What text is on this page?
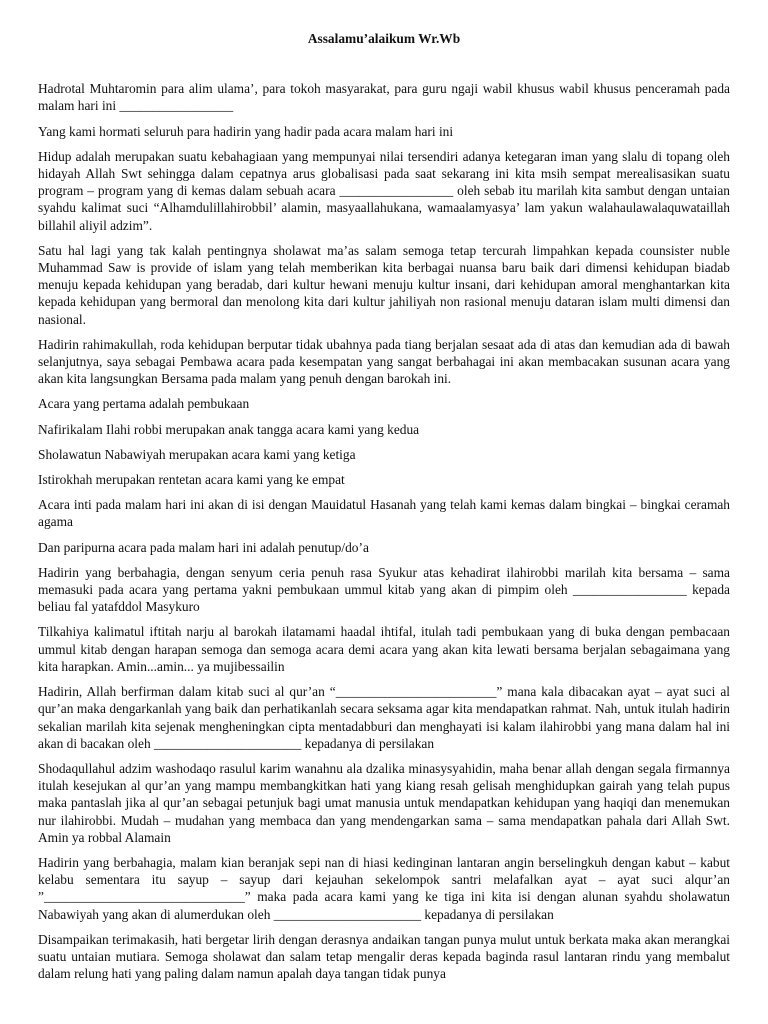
Assalamu’alaikum Wr.Wb

Hadrotal Muhtaromin para alim ulama’, para tokoh masyarakat, para guru ngaji wabil khusus wabil khusus penceramah pada malam hari ini _________________

Yang kami hormati seluruh para hadirin yang hadir pada acara malam hari ini

Hidup adalah merupakan suatu kebahagiaan yang mempunyai nilai tersendiri adanya ketegaran iman yang slalu di topang oleh hidayah Allah Swt sehingga dalam cepatnya arus globalisasi pada saat sekarang ini kita msih sempat merealisasikan suatu program – program yang di kemas dalam sebuah acara _________________ oleh sebab itu marilah kita sambut dengan untaian syahdu kalimat suci “Alhamdulillahirobbil’ alamin, masyaallahukana, wamaalamyasya’ lam yakun walahaulawalaquwataillah billahil aliyil adzim”.

Satu hal lagi yang tak kalah pentingnya sholawat ma’as salam semoga tetap tercurah limpahkan kepada counsister nuble Muhammad Saw is provide of islam yang telah memberikan kita berbagai nuansa baru baik dari dimensi kehidupan biadab menuju kepada kehidupan yang beradab, dari kultur hewani menuju kultur insani, dari kehidupan amoral menghantarkan kita kepada kehidupan yang bermoral dan menolong kita dari kultur jahiliyah non rasional menuju dataran islam multi dimensi dan nasional.

Hadirin rahimakullah, roda kehidupan berputar tidak ubahnya pada tiang berjalan sesaat ada di atas dan kemudian ada di bawah selanjutnya, saya sebagai Pembawa acara pada kesempatan yang sangat berbahagai ini akan membacakan susunan acara yang akan kita langsungkan Bersama pada malam yang penuh dengan barokah ini.

Acara yang pertama adalah pembukaan

Nafirikalam Ilahi robbi merupakan anak tangga acara kami yang kedua

Sholawatun Nabawiyah merupakan acara kami yang ketiga

Istirokhah merupakan rentetan acara kami yang ke empat

Acara inti pada malam hari ini akan di isi dengan Mauidatul Hasanah yang telah kami kemas dalam bingkai – bingkai ceramah agama

Dan paripurna acara pada malam hari ini adalah penutup/do’a

Hadirin yang berbahagia, dengan senyum ceria penuh rasa Syukur atas kehadirat ilahirobbi marilah kita bersama – sama memasuki pada acara yang pertama yakni pembukaan ummul kitab yang akan di pimpim oleh _________________ kepada beliau fal yatafddol Masykuro

Tilkahiya kalimatul iftitah narju al barokah ilatamami haadal ihtifal, itulah tadi pembukaan yang di buka dengan pembacaan ummul kitab dengan harapan semoga dan semoga acara demi acara yang akan kita lewati bersama berjalan sebagaimana yang kita harapkan. Amin...amin... ya mujibessailin

Hadirin, Allah berfirman dalam kitab suci al qur’an “________________________” mana kala dibacakan ayat – ayat suci al qur’an maka dengarkanlah yang baik dan perhatikanlah secara seksama agar kita mendapatkan rahmat. Nah, untuk itulah hadirin sekalian marilah kita sejenak mengheningkan cipta mentadabburi dan menghayati isi kalam ilahirobbi yang mana dalam hal ini akan di bacakan oleh ______________________ kepadanya di persilakan

Shodaqullahul adzim washodaqo rasulul karim wanahnu ala dzalika minasysyahidin, maha benar allah dengan segala firmannya itulah kesejukan al qur’an yang mampu membangkitkan hati yang kiang resah gelisah menghidupkan gairah yang telah pupus maka pantaslah jika al qur’an sebagai petunjuk bagi umat manusia untuk mendapatkan kehidupan yang haqiqi dan menemukan nur ilahirobbi. Mudah – mudahan yang membaca dan yang mendengarkan sama – sama mendapatkan pahala dari Allah Swt. Amin ya robbal Alamain

Hadirin yang berbahagia, malam kian beranjak sepi nan di hiasi kedinginan lantaran angin berselingkuh dengan kabut – kabut kelabu sementara itu sayup – sayup dari kejauhan sekelompok santri melafalkan ayat – ayat suci alqur’an ”______________________________” maka pada acara kami yang ke tiga ini kita isi dengan alunan syahdu sholawatun Nabawiyah yang akan di alumerdukan oleh ______________________ kepadanya di persilakan

Disampaikan terimakasih, hati bergetar lirih dengan derasnya andaikan tangan punya mulut untuk berkata maka akan merangkai suatu untaian mutiara. Semoga sholawat dan salam tetap mengalir deras kepada baginda rasul lantaran rindu yang membalut dalam relung hati yang paling dalam namun apalah daya tangan tidak punya
